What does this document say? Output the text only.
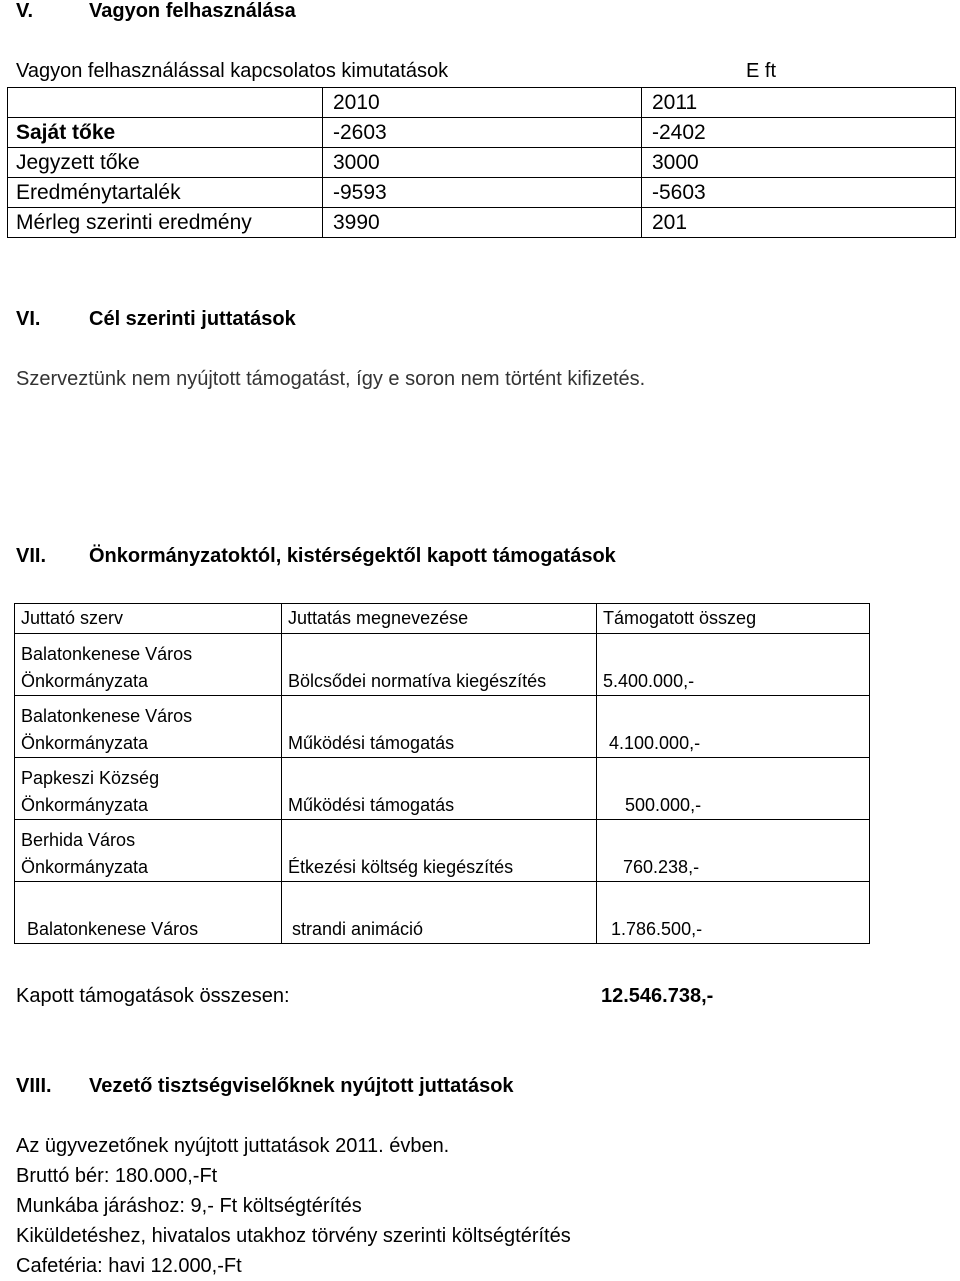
V.	Vagyon felhasználása
Vagyon felhasználással kapcsolatos kimutatások	E ft
	2010	2011
Saját tőke	-2603	-2402
Jegyzett tőke	3000	3000
Eredménytartalék	-9593	-5603
Mérleg szerinti eredmény	3990	201
VI. Cél szerinti juttatások
Szerveztünk nem nyújtott támogatást, így e soron nem történt kifizetés.
VII. Önkormányzatoktól, kistérségektől kapott támogatások
Juttató szerv	Juttatás megnevezése	Támogatott összeg

Balatonkenese Város
Önkormányzata	Bölcsődei normatíva kiegészítés	5.400.000,-

Balatonkenese Város
Önkormányzata	Működési támogatás	4.100.000,-

Papkeszi Község
Önkormányzata	Működési támogatás	500.000,-

Berhida Város
Önkormányzata	Étkezési költség kiegészítés	760.238,-

Balatonkenese Város	strandi animáció	1.786.500,-
Kapott támogatások összesen:	12.546.738,-
VIII. Vezető tisztségviselőknek nyújtott juttatások
Az ügyvezetőnek nyújtott juttatások 2011. évben.
Bruttó bér: 180.000,-Ft
Munkába járáshoz: 9,- Ft költségtérítés
Kiküldetéshez, hivatalos utakhoz törvény szerinti költségtérítés
Cafetéria: havi 12.000,-Ft
